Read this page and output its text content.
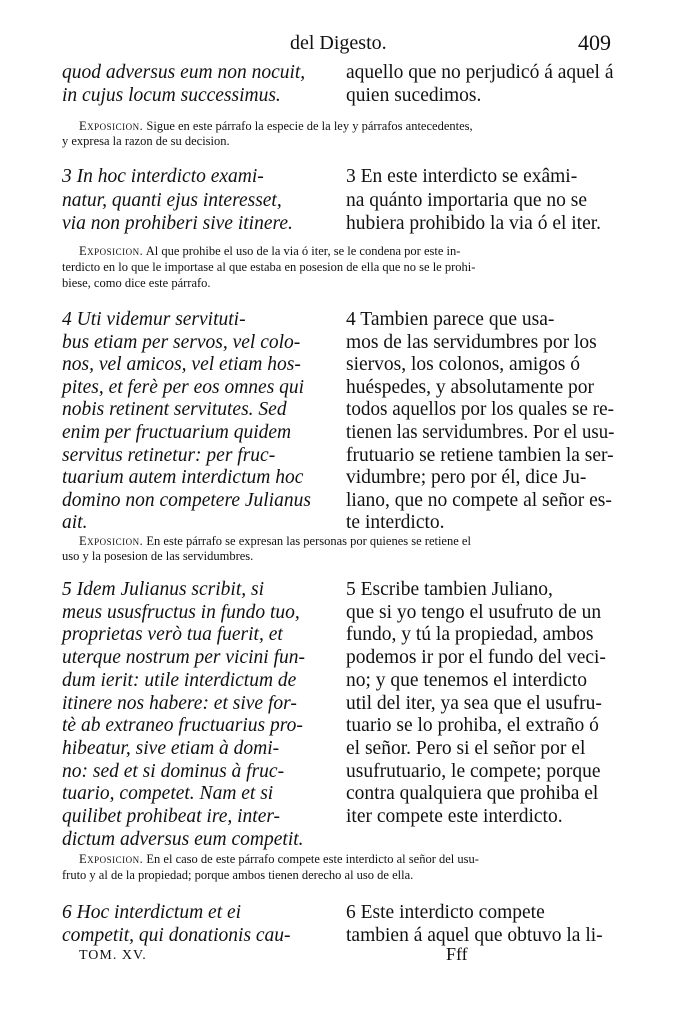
del Digesto.	409
quod adversus eum non nocuit,
in cujus locum successimus.
aquello que no perjudicó á aquel á
quien sucedimos.
Exposicion. Sigue en este párrafo la especie de la ley y párrafos antecedentes,
y expresa la razon de su decision.
3 In hoc interdicto exami-
natur, quanti ejus interesset,
via non prohiberi sive itinere.
3 En este interdicto se exâmi-
na quánto importaria que no se
hubiera prohibido la via ó el iter.
Exposicion. Al que prohibe el uso de la via ó iter, se le condena por este in-
terdicto en lo que le importase al que estaba en posesion de ella que no se le prohi-
biese, como dice este párrafo.
4 Uti videmur servituti-
bus etiam per servos, vel colo-
nos, vel amicos, vel etiam hos-
pites, et ferè per eos omnes qui
nobis retinent servitutes. Sed
enim per fructuarium quidem
servitus retinetur: per fruc-
tuarium autem interdictum hoc
domino non competere Julianus
ait.
4 Tambien parece que usa-
mos de las servidumbres por los
siervos, los colonos, amigos ó
huéspedes, y absolutamente por
todos aquellos por los quales se re-
tienen las servidumbres. Por el usu-
frutuario se retiene tambien la ser-
vidumbre; pero por él, dice Ju-
liano, que no compete al señor es-
te interdicto.
Exposicion. En este párrafo se expresan las personas por quienes se retiene el
uso y la posesion de las servidumbres.
5 Idem Julianus scribit, si
meus ususfructus in fundo tuo,
proprietas verò tua fuerit, et
uterque nostrum per vicini fun-
dum ierit: utile interdictum de
itinere nos habere: et sive for-
tè ab extraneo fructuarius pro-
hibeatur, sive etiam à domi-
no: sed et si dominus à fruc-
tuario, competet. Nam et si
quilibet prohibeat ire, inter-
dictum adversus eum competit.
5 Escribe tambien Juliano,
que si yo tengo el usufruto de un
fundo, y tú la propiedad, ambos
podemos ir por el fundo del veci-
no; y que tenemos el interdicto
util del iter, ya sea que el usufru-
tuario se lo prohiba, el extraño ó
el señor. Pero si el señor por el
usufrutuario, le compete; porque
contra qualquiera que prohiba el
iter compete este interdicto.
Exposicion. En el caso de este párrafo compete este interdicto al señor del usu-
fruto y al de la propiedad; porque ambos tienen derecho al uso de ella.
6 Hoc interdictum et ei
competit, qui donationis cau-
6 Este interdicto compete
tambien á aquel que obtuvo la li-
TOM. XV.	Fff
